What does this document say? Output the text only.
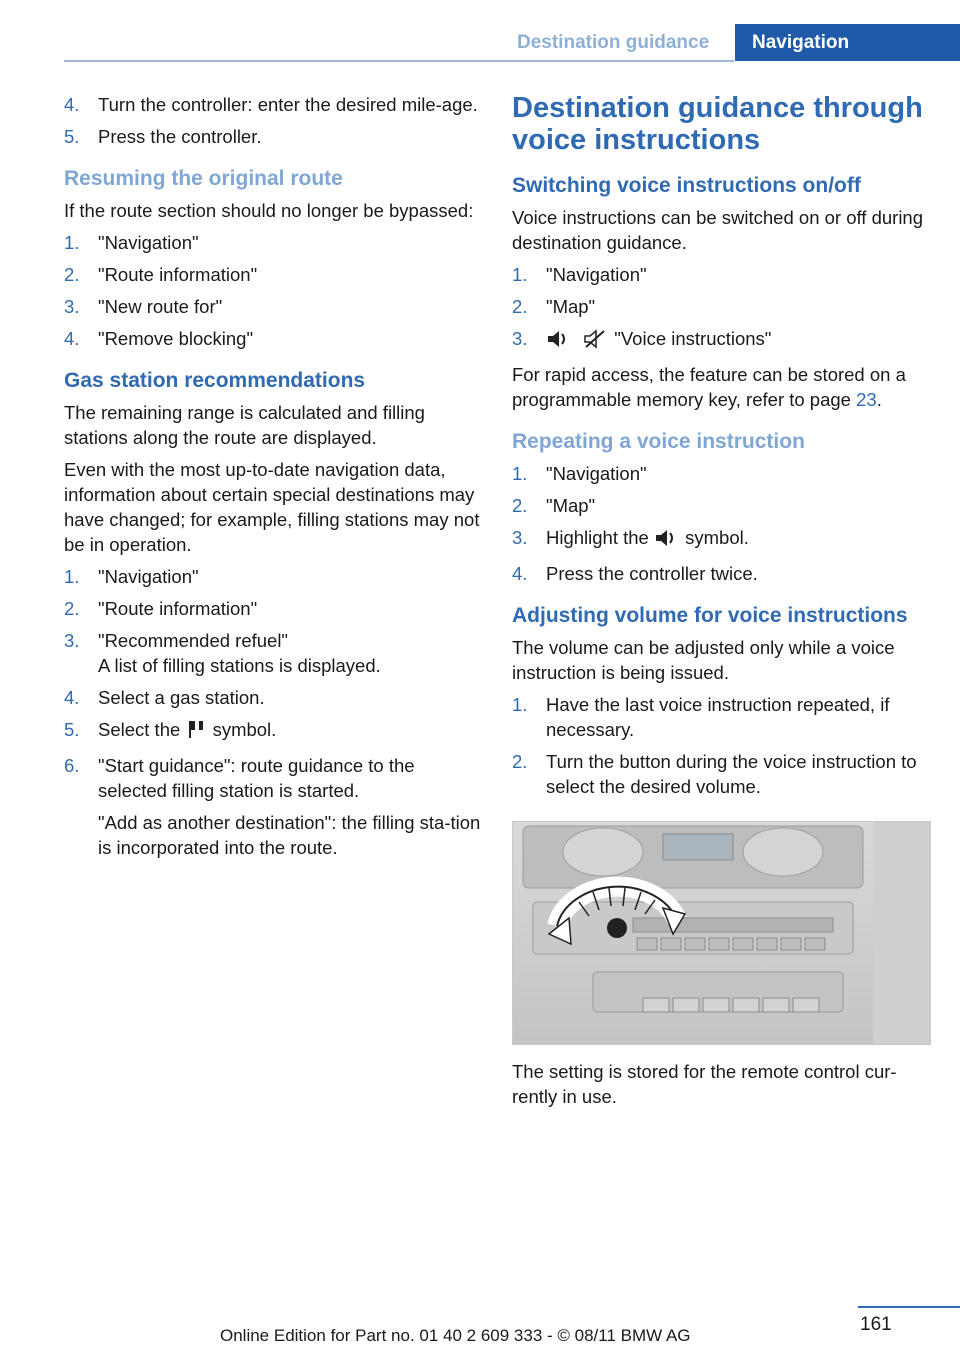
Destination guidance	Navigation
4. Turn the controller: enter the desired mile-age.
5. Press the controller.
Resuming the original route

If the route section should no longer be bypassed:

1. "Navigation"
2. "Route information"
3. "New route for"
4. "Remove blocking"
Gas station recommendations

The remaining range is calculated and filling stations along the route are displayed.

Even with the most up-to-date navigation data, information about certain special destinations may have changed; for example, filling stations may not be in operation.

1. "Navigation"
2. "Route information"
3. "Recommended refuel"
A list of filling stations is displayed.
4. Select a gas station.
5. Select the symbol.
6. "Start guidance": route guidance to the selected filling station is started.
"Add as another destination": the filling sta-tion is incorporated into the route.
Destination guidance through voice instructions
Switching voice instructions on/off

Voice instructions can be switched on or off during destination guidance.

1. "Navigation"
2. "Map"
3.	"Voice instructions"

For rapid access, the feature can be stored on a programmable memory key, refer to page 23.

Repeating a voice instruction
1. "Navigation"
2. "Map"
3. Highlight the symbol.
4. Press the controller twice.
Adjusting volume for voice instructions

The volume can be adjusted only while a voice instruction is being issued.

1. Have the last voice instruction repeated, if necessary.
2. Turn the button during the voice instruction to select the desired volume.

The setting is stored for the remote control cur-rently in use.

161
Online Edition for Part no. 01 40 2 609 333 - © 08/11 BMW AG
